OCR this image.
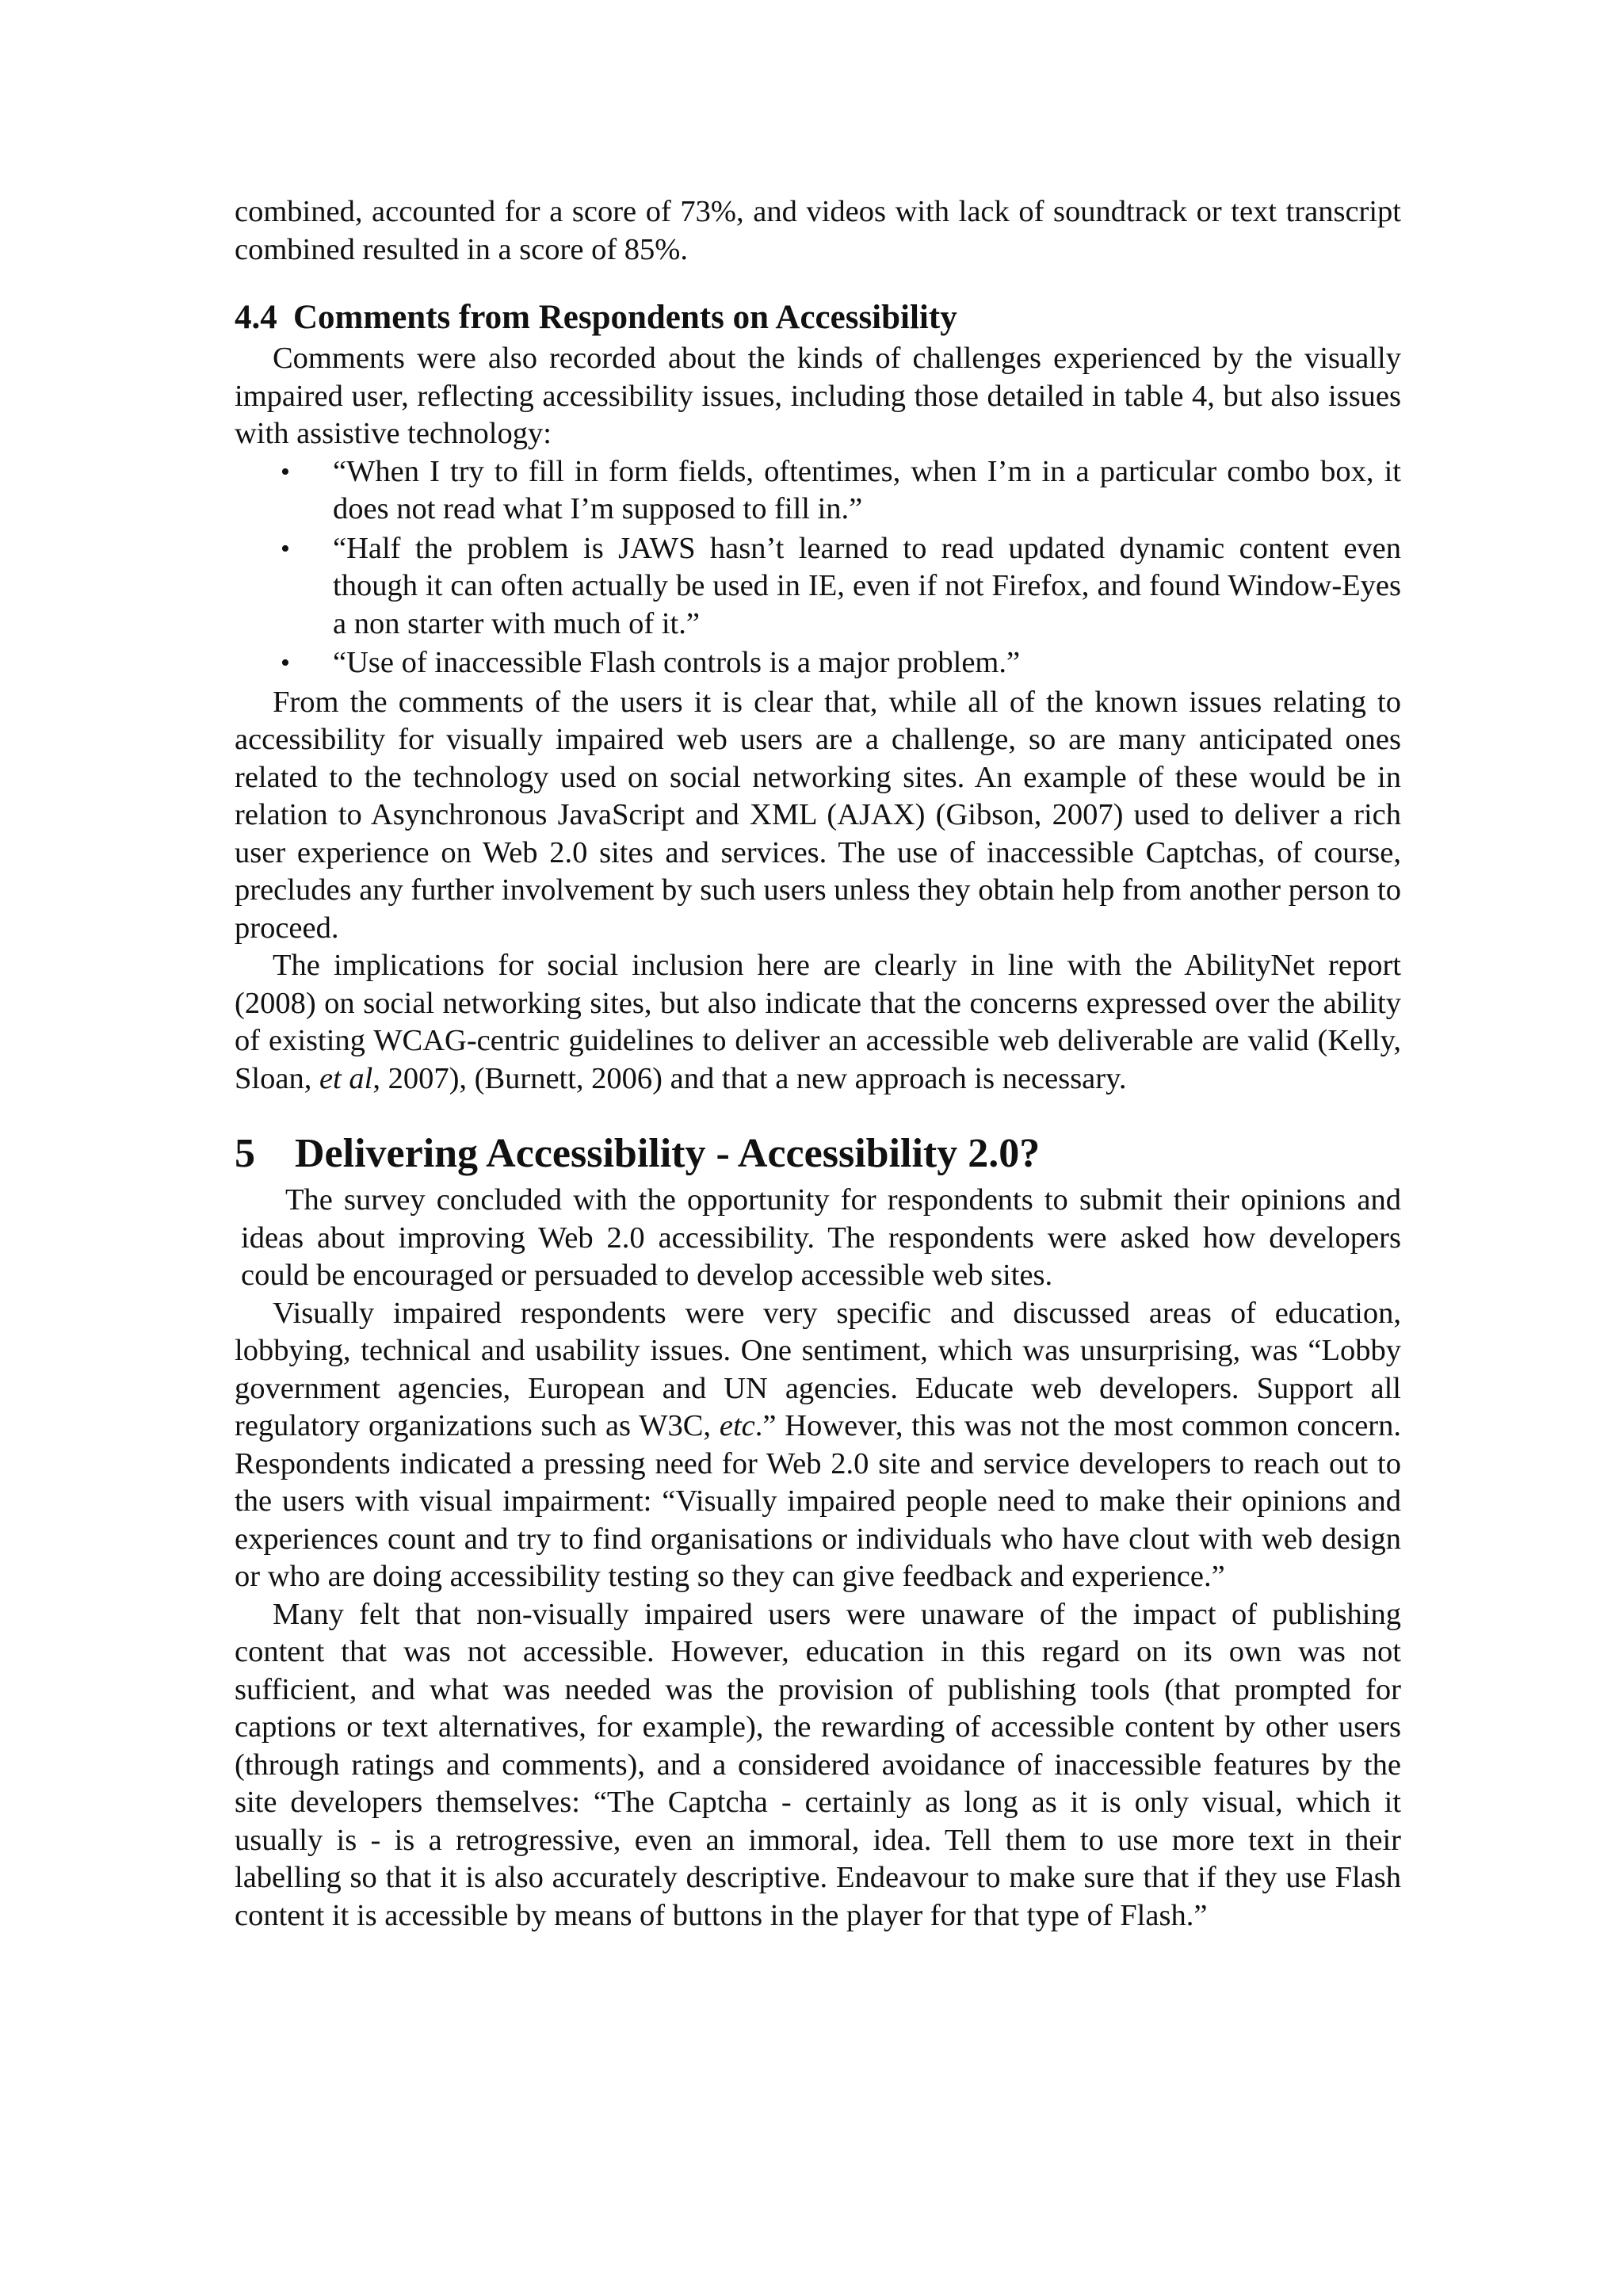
combined, accounted for a score of 73%, and videos with lack of soundtrack or text transcript combined resulted in a score of 85%.

4.4 Comments from Respondents on Accessibility

Comments were also recorded about the kinds of challenges experienced by the visually impaired user, reflecting accessibility issues, including those detailed in table 4, but also issues with assistive technology:

• “When I try to fill in form fields, oftentimes, when I’m in a particular combo box, it does not read what I’m supposed to fill in.”
• “Half the problem is JAWS hasn’t learned to read updated dynamic content even though it can often actually be used in IE, even if not Firefox, and found Window-Eyes a non starter with much of it.”
• “Use of inaccessible Flash controls is a major problem.”

From the comments of the users it is clear that, while all of the known issues relating to accessibility for visually impaired web users are a challenge, so are many anticipated ones related to the technology used on social networking sites. An example of these would be in relation to Asynchronous JavaScript and XML (AJAX) (Gibson, 2007) used to deliver a rich user experience on Web 2.0 sites and services. The use of inaccessible Captchas, of course, precludes any further involvement by such users unless they obtain help from another person to proceed.

The implications for social inclusion here are clearly in line with the AbilityNet report (2008) on social networking sites, but also indicate that the concerns expressed over the ability of existing WCAG-centric guidelines to deliver an accessible web deliverable are valid (Kelly, Sloan, et al, 2007), (Burnett, 2006) and that a new approach is necessary.

5 Delivering Accessibility - Accessibility 2.0?

The survey concluded with the opportunity for respondents to submit their opinions and ideas about improving Web 2.0 accessibility. The respondents were asked how developers could be encouraged or persuaded to develop accessible web sites.

Visually impaired respondents were very specific and discussed areas of education, lobbying, technical and usability issues. One sentiment, which was unsurprising, was “Lobby government agencies, European and UN agencies. Educate web developers. Support all regulatory organizations such as W3C, etc.” However, this was not the most common concern. Respondents indicated a pressing need for Web 2.0 site and service developers to reach out to the users with visual impairment: “Visually impaired people need to make their opinions and experiences count and try to find organisations or individuals who have clout with web design or who are doing accessibility testing so they can give feedback and experience.”

Many felt that non-visually impaired users were unaware of the impact of publishing content that was not accessible. However, education in this regard on its own was not sufficient, and what was needed was the provision of publishing tools (that prompted for captions or text alternatives, for example), the rewarding of accessible content by other users (through ratings and comments), and a considered avoidance of inaccessible features by the site developers themselves: “The Captcha - certainly as long as it is only visual, which it usually is - is a retrogressive, even an immoral, idea. Tell them to use more text in their labelling so that it is also accurately descriptive. Endeavour to make sure that if they use Flash content it is accessible by means of buttons in the player for that type of Flash.”
